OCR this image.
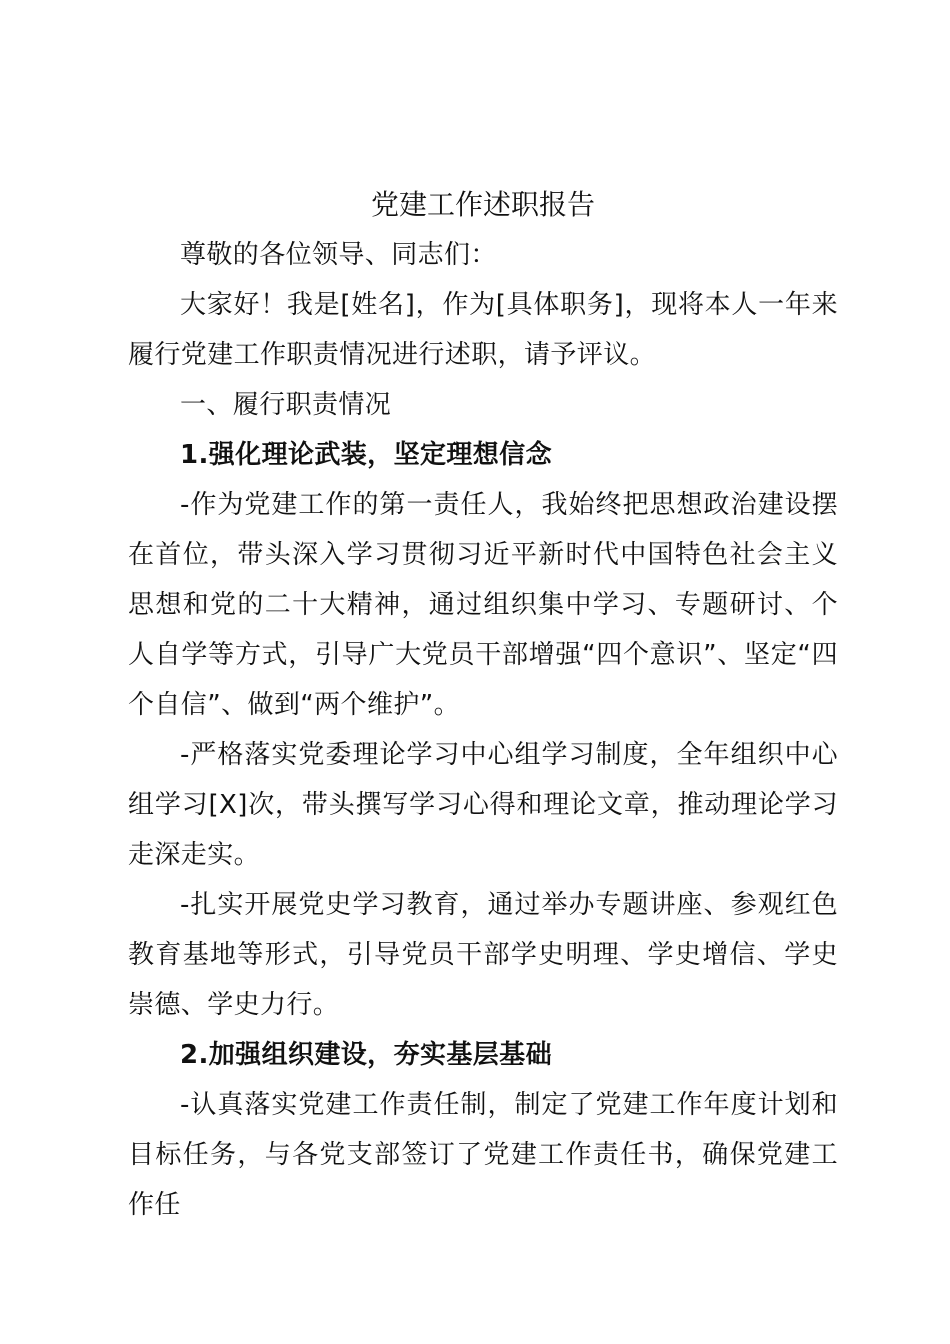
党建工作述职报告

尊敬的各位领导、同志们：

大家好！我是[姓名]，作为[具体职务]，现将本人一年来履行党建工作职责情况进行述职，请予评议。

一、履行职责情况

1.强化理论武装，坚定理想信念

-作为党建工作的第一责任人，我始终把思想政治建设摆在首位，带头深入学习贯彻习近平新时代中国特色社会主义思想和党的二十大精神，通过组织集中学习、专题研讨、个人自学等方式，引导广大党员干部增强“四个意识”、坚定“四个自信”、做到“两个维护”。

-严格落实党委理论学习中心组学习制度，全年组织中心组学习[X]次，带头撰写学习心得和理论文章，推动理论学习走深走实。

-扎实开展党史学习教育，通过举办专题讲座、参观红色教育基地等形式，引导党员干部学史明理、学史增信、学史崇德、学史力行。

2.加强组织建设，夯实基层基础

-认真落实党建工作责任制，制定了党建工作年度计划和目标任务，与各党支部签订了党建工作责任书，确保党建工作任
